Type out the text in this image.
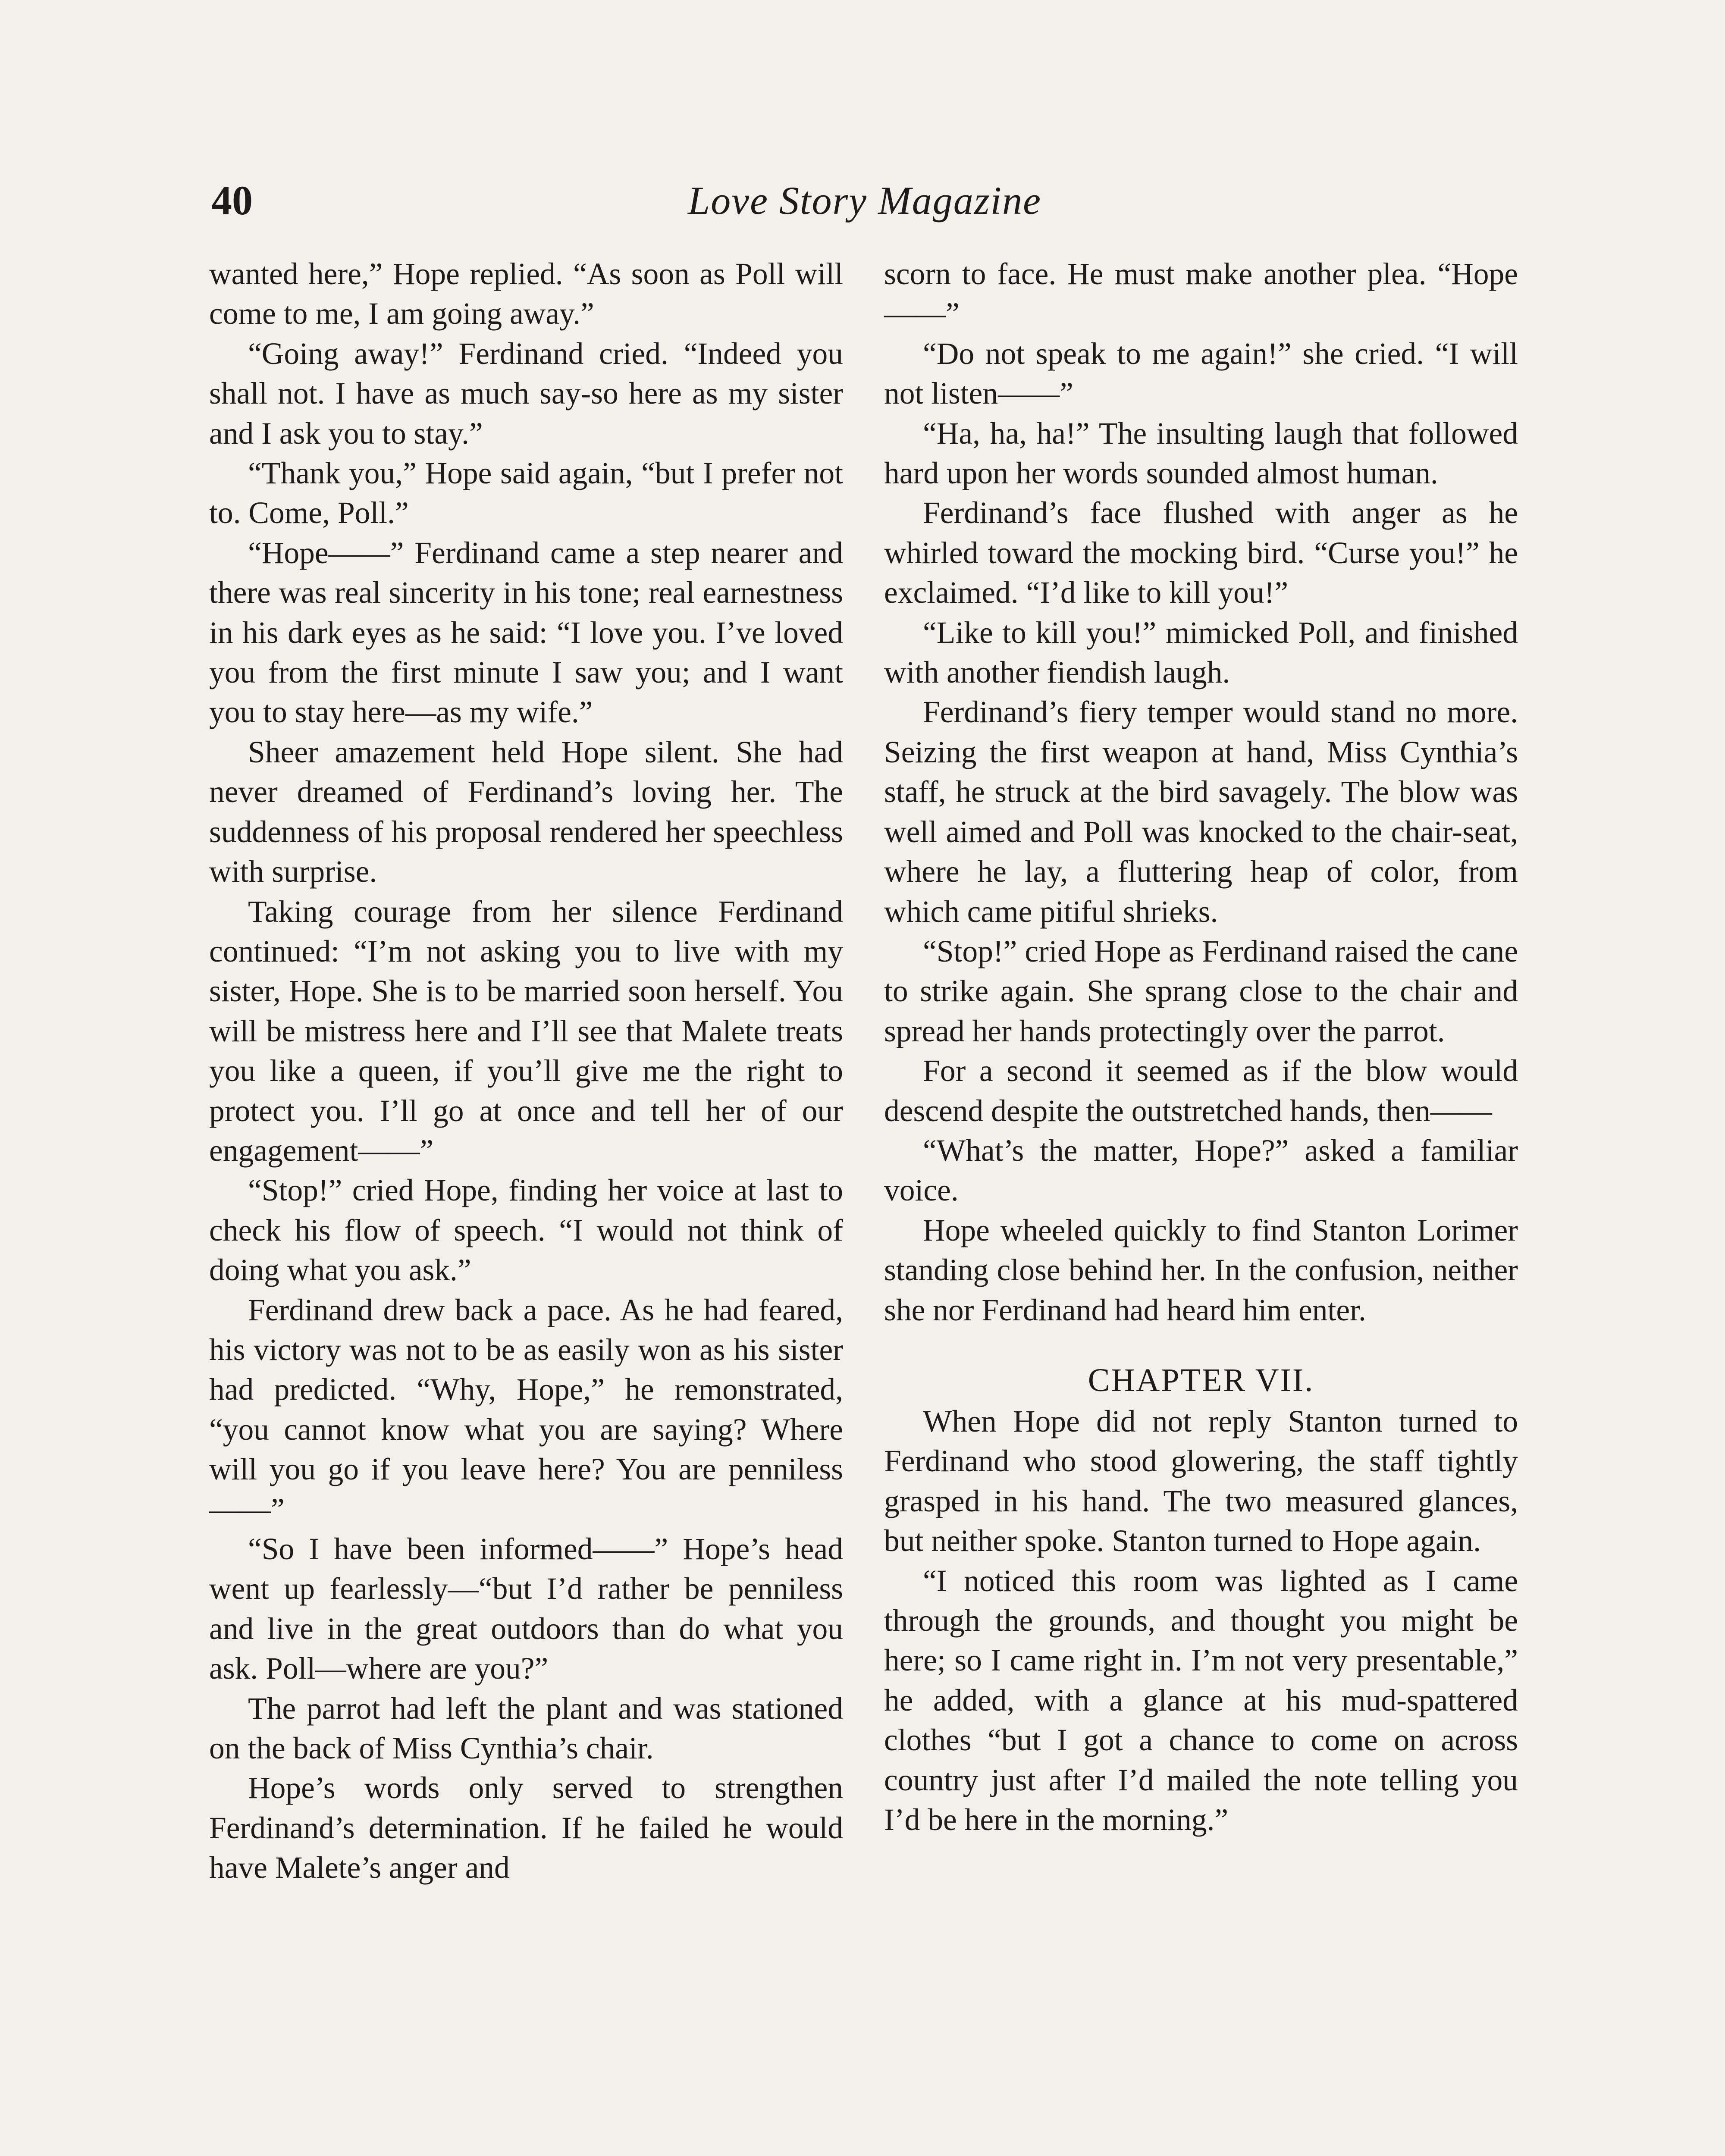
40	Love Story Magazine

wanted here,” Hope replied. “As soon as Poll will come to me, I am going away.”

“Going away!” Ferdinand cried. “Indeed you shall not. I have as much say-so here as my sister and I ask you to stay.”

“Thank you,” Hope said again, “but I prefer not to. Come, Poll.”

“Hope——” Ferdinand came a step nearer and there was real sincerity in his tone; real earnestness in his dark eyes as he said: “I love you. I’ve loved you from the first minute I saw you; and I want you to stay here—as my wife.”

Sheer amazement held Hope silent. She had never dreamed of Ferdinand’s loving her. The suddenness of his proposal rendered her speechless with surprise.

Taking courage from her silence Ferdinand continued: “I’m not asking you to live with my sister, Hope. She is to be married soon herself. You will be mistress here and I’ll see that Malete treats you like a queen, if you’ll give me the right to protect you. I’ll go at once and tell her of our engagement——”

“Stop!” cried Hope, finding her voice at last to check his flow of speech. “I would not think of doing what you ask.”

Ferdinand drew back a pace. As he had feared, his victory was not to be as easily won as his sister had predicted. “Why, Hope,” he remonstrated, “you cannot know what you are saying? Where will you go if you leave here? You are penniless——”

“So I have been informed——” Hope’s head went up fearlessly—“but I’d rather be penniless and live in the great outdoors than do what you ask. Poll—where are you?”

The parrot had left the plant and was stationed on the back of Miss Cynthia’s chair.

Hope’s words only served to strengthen Ferdinand’s determination. If he failed he would have Malete’s anger and

scorn to face. He must make another plea. “Hope——”

“Do not speak to me again!” she cried. “I will not listen——”

“Ha, ha, ha!” The insulting laugh that followed hard upon her words sounded almost human.

Ferdinand’s face flushed with anger as he whirled toward the mocking bird. “Curse you!” he exclaimed. “I’d like to kill you!”

“Like to kill you!” mimicked Poll, and finished with another fiendish laugh.

Ferdinand’s fiery temper would stand no more. Seizing the first weapon at hand, Miss Cynthia’s staff, he struck at the bird savagely. The blow was well aimed and Poll was knocked to the chair-seat, where he lay, a fluttering heap of color, from which came pitiful shrieks.

“Stop!” cried Hope as Ferdinand raised the cane to strike again. She sprang close to the chair and spread her hands protectingly over the parrot.

For a second it seemed as if the blow would descend despite the outstretched hands, then——

“What’s the matter, Hope?” asked a familiar voice.

Hope wheeled quickly to find Stanton Lorimer standing close behind her. In the confusion, neither she nor Ferdinand had heard him enter.

CHAPTER VII.

When Hope did not reply Stanton turned to Ferdinand who stood glowering, the staff tightly grasped in his hand. The two measured glances, but neither spoke. Stanton turned to Hope again.

“I noticed this room was lighted as I came through the grounds, and thought you might be here; so I came right in. I’m not very presentable,” he added, with a glance at his mud-spattered clothes “but I got a chance to come on across country just after I’d mailed the note telling you I’d be here in the morning.”
